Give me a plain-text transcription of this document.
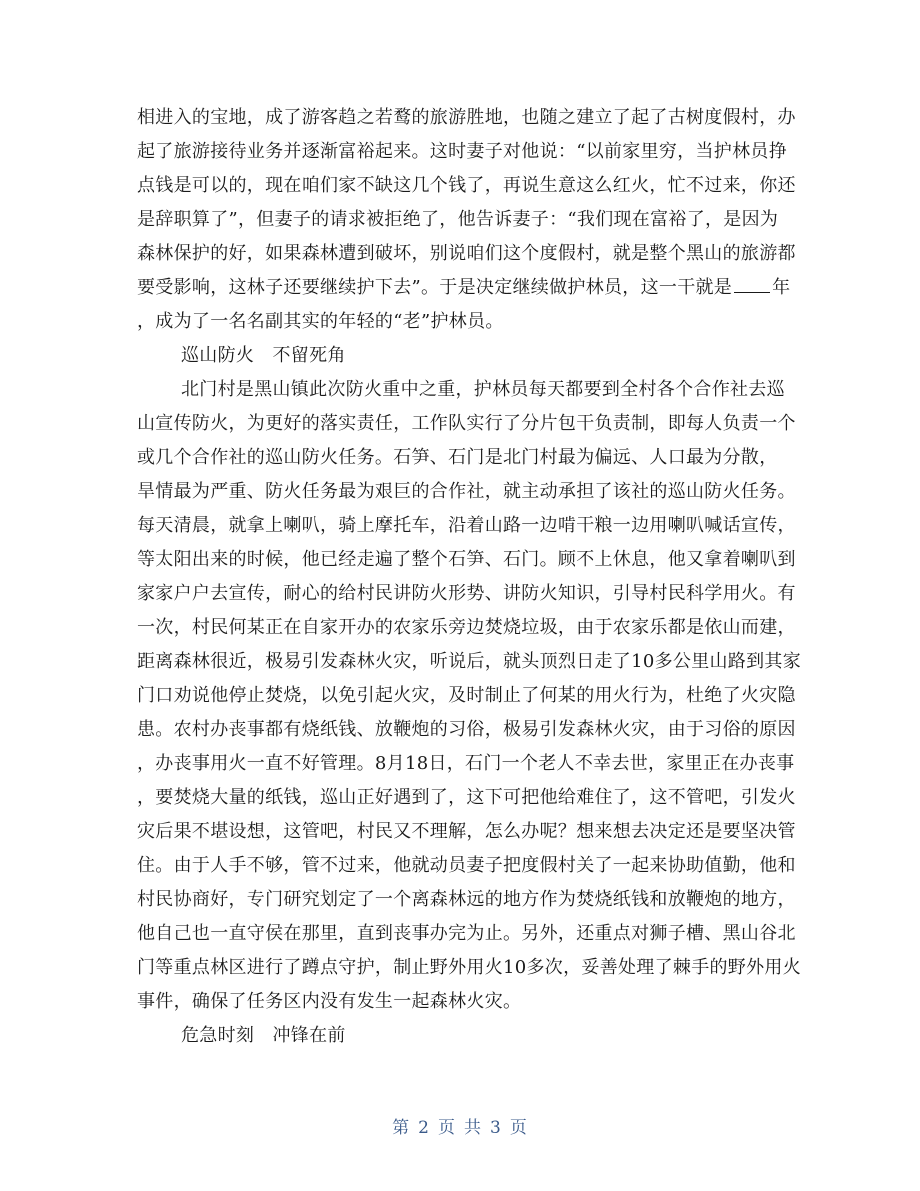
相进入的宝地，成了游客趋之若鹜的旅游胜地，也随之建立了起了古树度假村，办
起了旅游接待业务并逐渐富裕起来。这时妻子对他说：“以前家里穷，当护林员挣
点钱是可以的，现在咱们家不缺这几个钱了，再说生意这么红火，忙不过来，你还
是辞职算了”，但妻子的请求被拒绝了，他告诉妻子：“我们现在富裕了，是因为
森林保护的好，如果森林遭到破坏，别说咱们这个度假村，就是整个黑山的旅游都
要受影响，这林子还要继续护下去”。于是决定继续做护林员，这一干就是 年
，成为了一名名副其实的年轻的“老”护林员。
巡山防火　不留死角
北门村是黑山镇此次防火重中之重，护林员每天都要到全村各个合作社去巡
山宣传防火，为更好的落实责任，工作队实行了分片包干负责制，即每人负责一个
或几个合作社的巡山防火任务。石笋、石门是北门村最为偏远、人口最为分散，
旱情最为严重、防火任务最为艰巨的合作社，就主动承担了该社的巡山防火任务。
每天清晨，就拿上喇叭，骑上摩托车，沿着山路一边啃干粮一边用喇叭喊话宣传，
等太阳出来的时候，他已经走遍了整个石笋、石门。顾不上休息，他又拿着喇叭到
家家户户去宣传，耐心的给村民讲防火形势、讲防火知识，引导村民科学用火。有
一次，村民何某正在自家开办的农家乐旁边焚烧垃圾，由于农家乐都是依山而建，
距离森林很近，极易引发森林火灾，听说后，就头顶烈日走了10多公里山路到其家
门口劝说他停止焚烧，以免引起火灾，及时制止了何某的用火行为，杜绝了火灾隐
患。农村办丧事都有烧纸钱、放鞭炮的习俗，极易引发森林火灾，由于习俗的原因
，办丧事用火一直不好管理。8月18日，石门一个老人不幸去世，家里正在办丧事
，要焚烧大量的纸钱，巡山正好遇到了，这下可把他给难住了，这不管吧，引发火
灾后果不堪设想，这管吧，村民又不理解，怎么办呢？想来想去决定还是要坚决管
住。由于人手不够，管不过来，他就动员妻子把度假村关了一起来协助值勤，他和
村民协商好，专门研究划定了一个离森林远的地方作为焚烧纸钱和放鞭炮的地方，
他自己也一直守侯在那里，直到丧事办完为止。另外，还重点对狮子槽、黑山谷北
门等重点林区进行了蹲点守护，制止野外用火10多次，妥善处理了棘手的野外用火
事件，确保了任务区内没有发生一起森林火灾。
危急时刻　冲锋在前
第 2 页 共 3 页
